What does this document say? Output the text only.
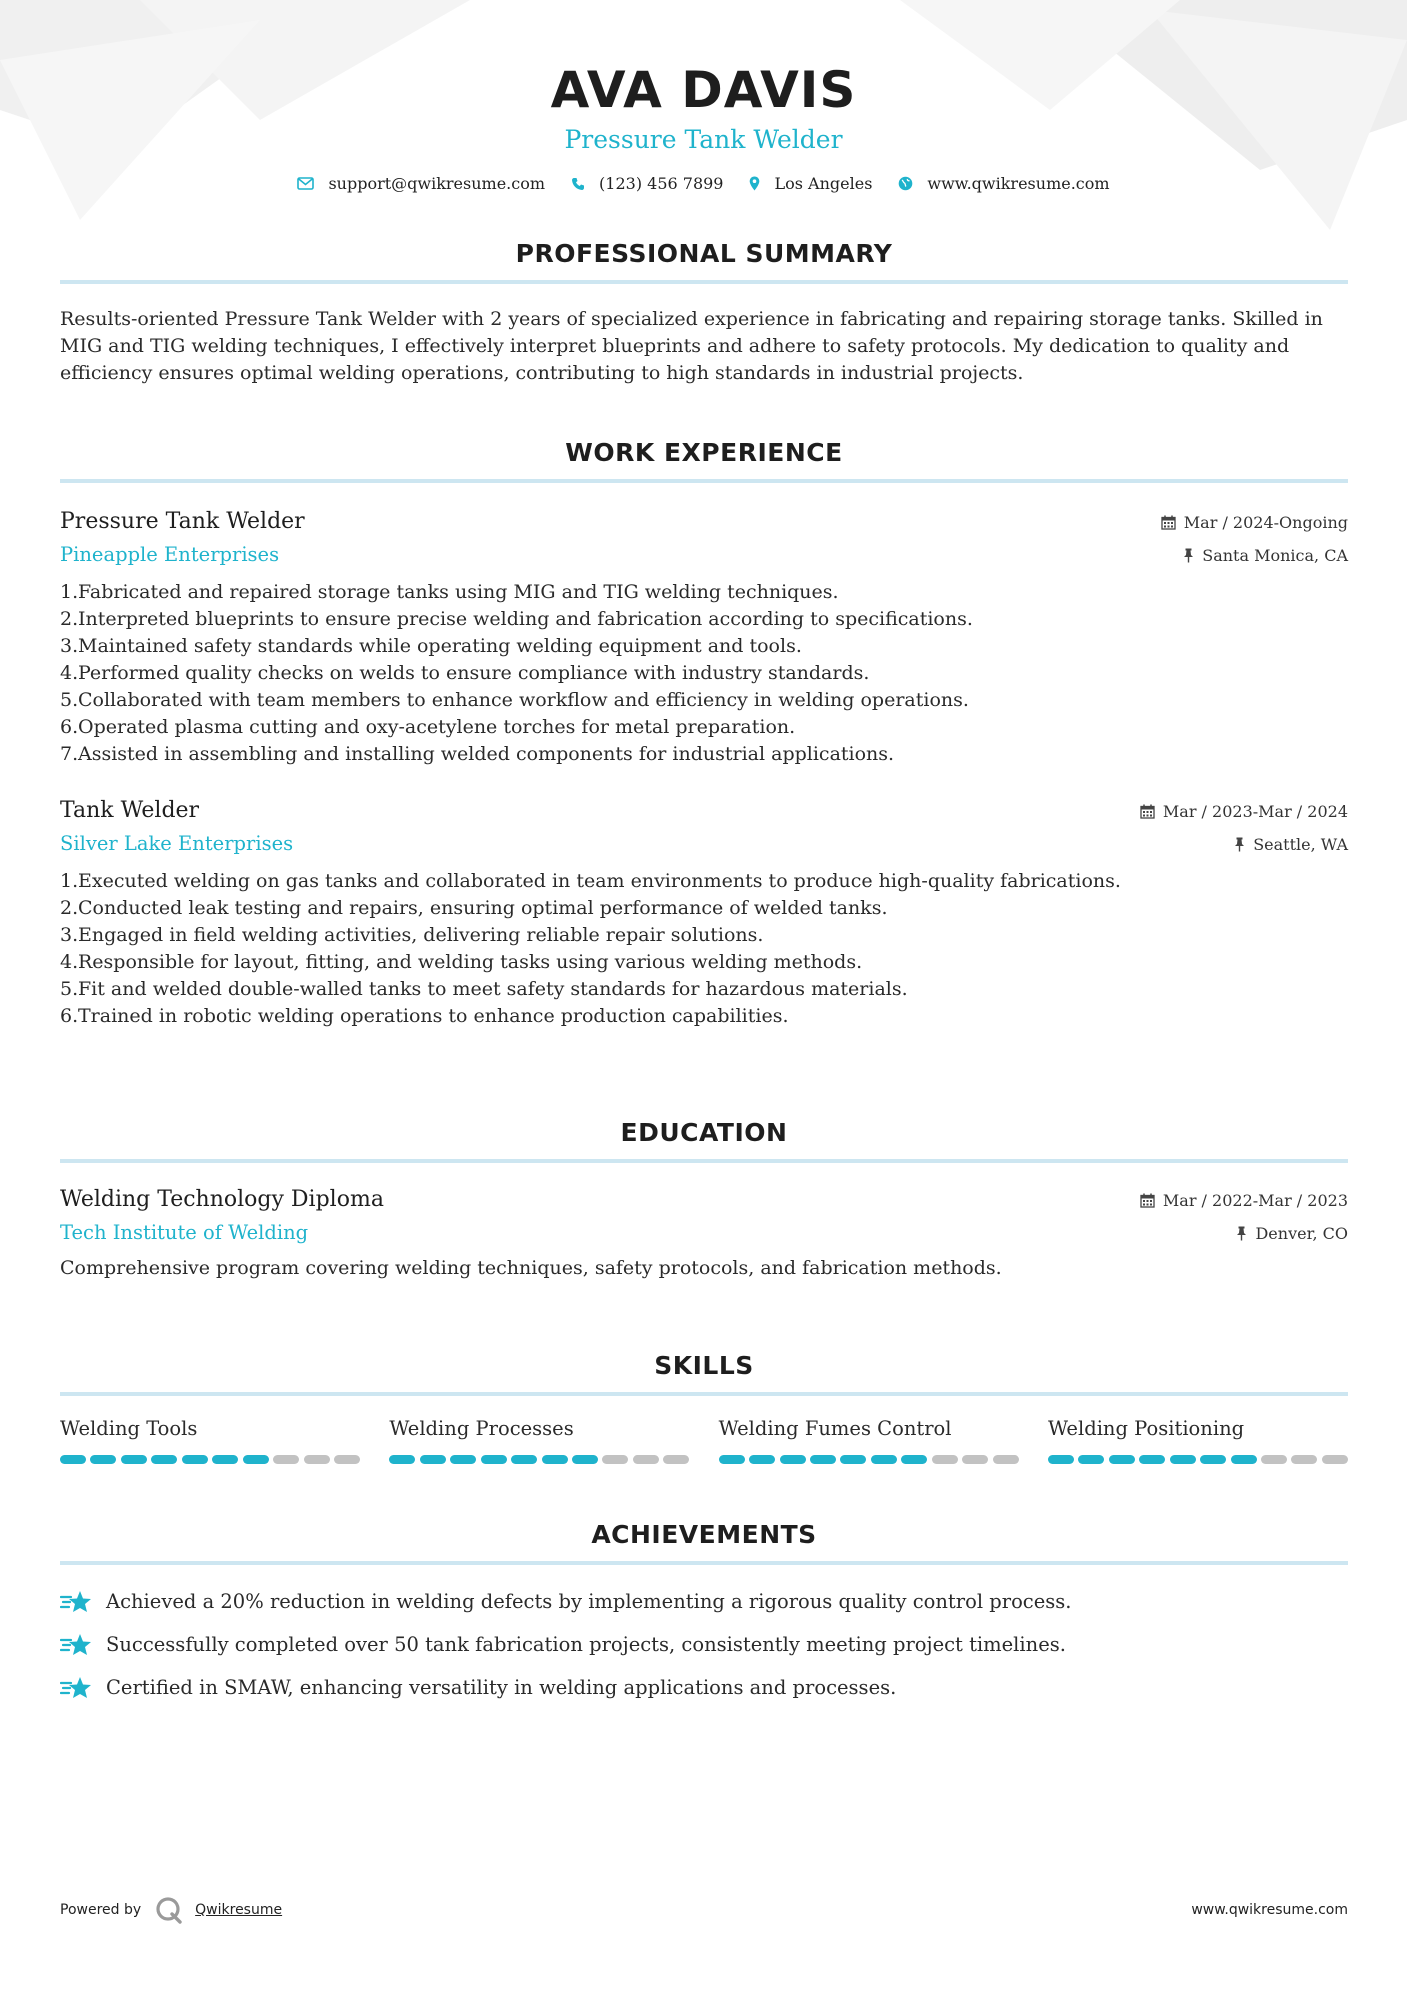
AVA DAVIS
Pressure Tank Welder
support@qwikresume.com	(123) 456 7899	Los Angeles	www.qwikresume.com
PROFESSIONAL SUMMARY

Results-oriented Pressure Tank Welder with 2 years of specialized experience in fabricating and repairing storage tanks. Skilled in MIG and TIG welding techniques, I effectively interpret blueprints and adhere to safety protocols. My dedication to quality and efficiency ensures optimal welding operations, contributing to high standards in industrial projects.

WORK EXPERIENCE
Pressure Tank Welder
Pineapple Enterprises
Mar / 2024-Ongoing
Santa Monica, CA
1. Fabricated and repaired storage tanks using MIG and TIG welding techniques.
2. Interpreted blueprints to ensure precise welding and fabrication according to specifications.
3. Maintained safety standards while operating welding equipment and tools.
4. Performed quality checks on welds to ensure compliance with industry standards.
5. Collaborated with team members to enhance workflow and efficiency in welding operations.
6. Operated plasma cutting and oxy-acetylene torches for metal preparation.
7. Assisted in assembling and installing welded components for industrial applications.
Tank Welder
Silver Lake Enterprises
Mar / 2023-Mar / 2024
Seattle, WA
1. Executed welding on gas tanks and collaborated in team environments to produce high-quality fabrications.
2. Conducted leak testing and repairs, ensuring optimal performance of welded tanks.
3. Engaged in field welding activities, delivering reliable repair solutions.
4. Responsible for layout, fitting, and welding tasks using various welding methods.
5. Fit and welded double-walled tanks to meet safety standards for hazardous materials.
6. Trained in robotic welding operations to enhance production capabilities.
EDUCATION
Welding Technology Diploma
Tech Institute of Welding
Mar / 2022-Mar / 2023
Denver, CO

Comprehensive program covering welding techniques, safety protocols, and fabrication methods.

SKILLS
Welding Tools	Welding Processes	Welding Fumes Control	Welding Positioning
ACHIEVEMENTS
Achieved a 20% reduction in welding defects by implementing a rigorous quality control process.
Successfully completed over 50 tank fabrication projects, consistently meeting project timelines.
Certified in SMAW, enhancing versatility in welding applications and processes.
Powered by	Qwikresume	www.qwikresume.com
